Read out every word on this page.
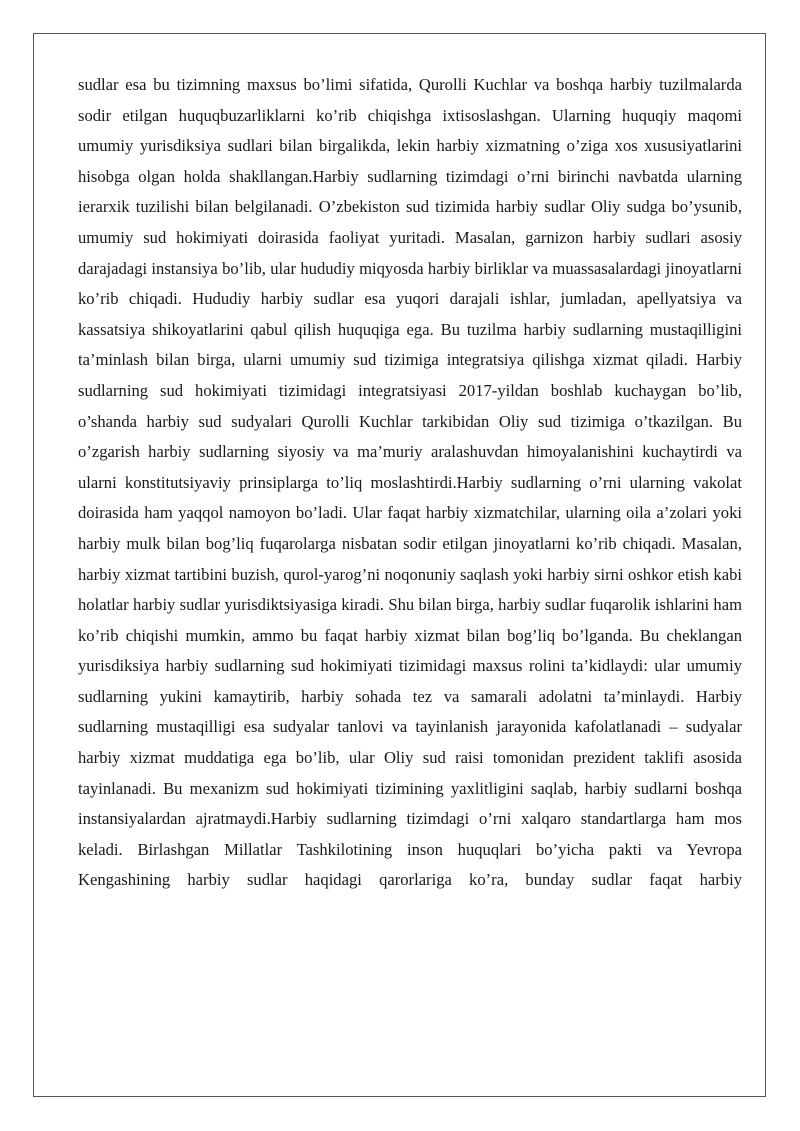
sudlar esa bu tizimning maxsus bo’limi sifatida, Qurolli Kuchlar va boshqa harbiy tuzilmalarda sodir etilgan huquqbuzarliklarni ko’rib chiqishga ixtisoslashgan. Ularning huquqiy maqomi umumiy yurisdiksiya sudlari bilan birgalikda, lekin harbiy xizmatning o’ziga xos xususiyatlarini hisobga olgan holda shakllangan.Harbiy sudlarning tizimdagi o’rni birinchi navbatda ularning ierarxik tuzilishi bilan belgilanadi. O’zbekiston sud tizimida harbiy sudlar Oliy sudga bo’ysunib, umumiy sud hokimiyati doirasida faoliyat yuritadi. Masalan, garnizon harbiy sudlari asosiy darajadagi instansiya bo’lib, ular hududiy miqyosda harbiy birliklar va muassasalardagi jinoyatlarni ko’rib chiqadi. Hududiy harbiy sudlar esa yuqori darajali ishlar, jumladan, apellyatsiya va kassatsiya shikoyatlarini qabul qilish huquqiga ega. Bu tuzilma harbiy sudlarning mustaqilligini ta’minlash bilan birga, ularni umumiy sud tizimiga integratsiya qilishga xizmat qiladi. Harbiy sudlarning sud hokimiyati tizimidagi integratsiyasi 2017-yildan boshlab kuchaygan bo’lib, o’shanda harbiy sud sudyalari Qurolli Kuchlar tarkibidan Oliy sud tizimiga o’tkazilgan. Bu o’zgarish harbiy sudlarning siyosiy va ma’muriy aralashuvdan himoyalanishini kuchaytirdi va ularni konstitutsiyaviy prinsiplarga to’liq moslashtirdi.Harbiy sudlarning o’rni ularning vakolat doirasida ham yaqqol namoyon bo’ladi. Ular faqat harbiy xizmatchilar, ularning oila a’zolari yoki harbiy mulk bilan bog’liq fuqarolarga nisbatan sodir etilgan jinoyatlarni ko’rib chiqadi. Masalan, harbiy xizmat tartibini buzish, qurol-yarog’ni noqonuniy saqlash yoki harbiy sirni oshkor etish kabi holatlar harbiy sudlar yurisdiktsiyasiga kiradi. Shu bilan birga, harbiy sudlar fuqarolik ishlarini ham ko’rib chiqishi mumkin, ammo bu faqat harbiy xizmat bilan bog’liq bo’lganda. Bu cheklangan yurisdiksiya harbiy sudlarning sud hokimiyati tizimidagi maxsus rolini ta’kidlaydi: ular umumiy sudlarning yukini kamaytirib, harbiy sohada tez va samarali adolatni ta’minlaydi. Harbiy sudlarning mustaqilligi esa sudyalar tanlovi va tayinlanish jarayonida kafolatlanadi – sudyalar harbiy xizmat muddatiga ega bo’lib, ular Oliy sud raisi tomonidan prezident taklifi asosida tayinlanadi. Bu mexanizm sud hokimiyati tizimining yaxlitligini saqlab, harbiy sudlarni boshqa instansiyalardan ajratmaydi.Harbiy sudlarning tizimdagi o’rni xalqaro standartlarga ham mos keladi. Birlashgan Millatlar Tashkilotining inson huquqlari bo’yicha pakti va Yevropa Kengashining harbiy sudlar haqidagi qarorlariga ko’ra, bunday sudlar faqat harbiy
